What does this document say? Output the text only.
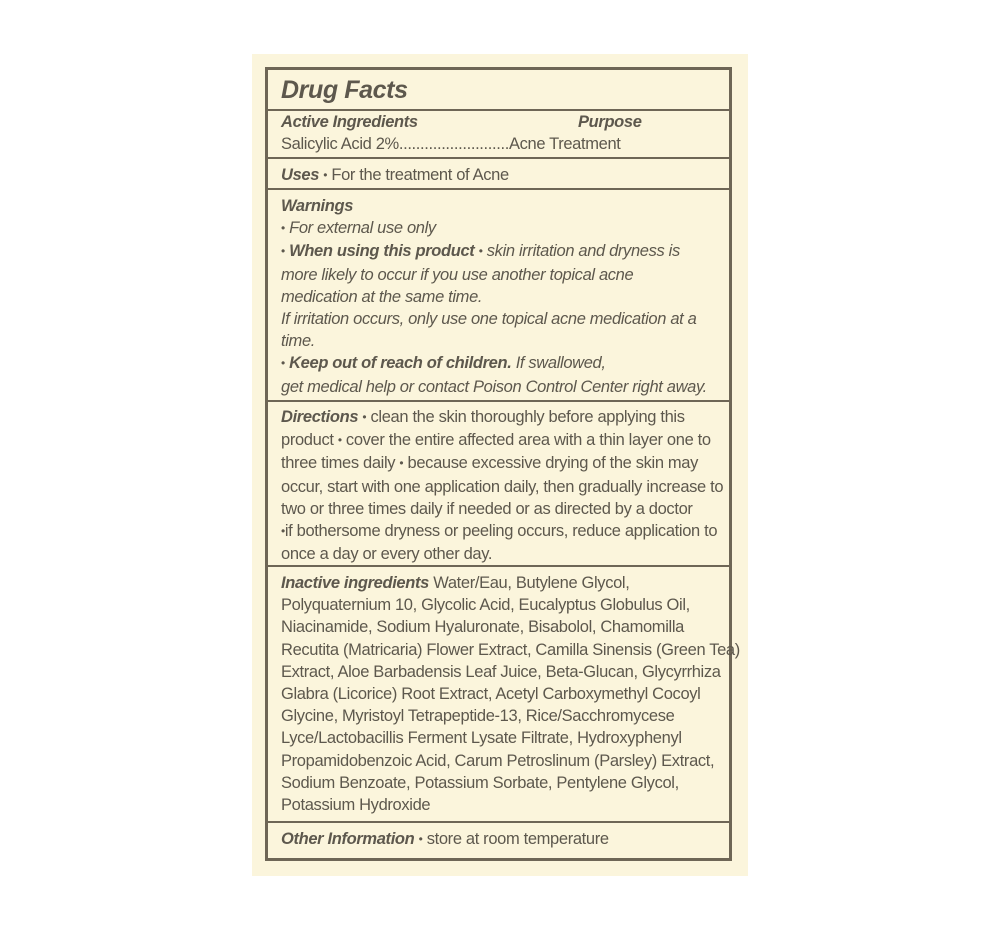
Drug Facts
Active Ingredients	Purpose
Salicylic Acid 2%..........................Acne Treatment
Uses • For the treatment of Acne
Warnings
• For external use only
• When using this product • skin irritation and dryness is
more likely to occur if you use another topical acne
medication at the same time.
If irritation occurs, only use one topical acne medication at a
time.
• Keep out of reach of children. If swallowed,
get medical help or contact Poison Control Center right away.
Directions • clean the skin thoroughly before applying this
product • cover the entire affected area with a thin layer one to
three times daily • because excessive drying of the skin may
occur, start with one application daily, then gradually increase to
two or three times daily if needed or as directed by a doctor
•if bothersome dryness or peeling occurs, reduce application to
once a day or every other day.
Inactive ingredients Water/Eau, Butylene Glycol,
Polyquaternium 10, Glycolic Acid, Eucalyptus Globulus Oil,
Niacinamide, Sodium Hyaluronate, Bisabolol, Chamomilla
Recutita (Matricaria) Flower Extract, Camilla Sinensis (Green Tea)
Extract, Aloe Barbadensis Leaf Juice, Beta-Glucan, Glycyrrhiza
Glabra (Licorice) Root Extract, Acetyl Carboxymethyl Cocoyl
Glycine, Myristoyl Tetrapeptide-13, Rice/Sacchromycese
Lyce/Lactobacillis Ferment Lysate Filtrate, Hydroxyphenyl
Propamidobenzoic Acid, Carum Petroslinum (Parsley) Extract,
Sodium Benzoate, Potassium Sorbate, Pentylene Glycol,
Potassium Hydroxide
Other Information • store at room temperature
